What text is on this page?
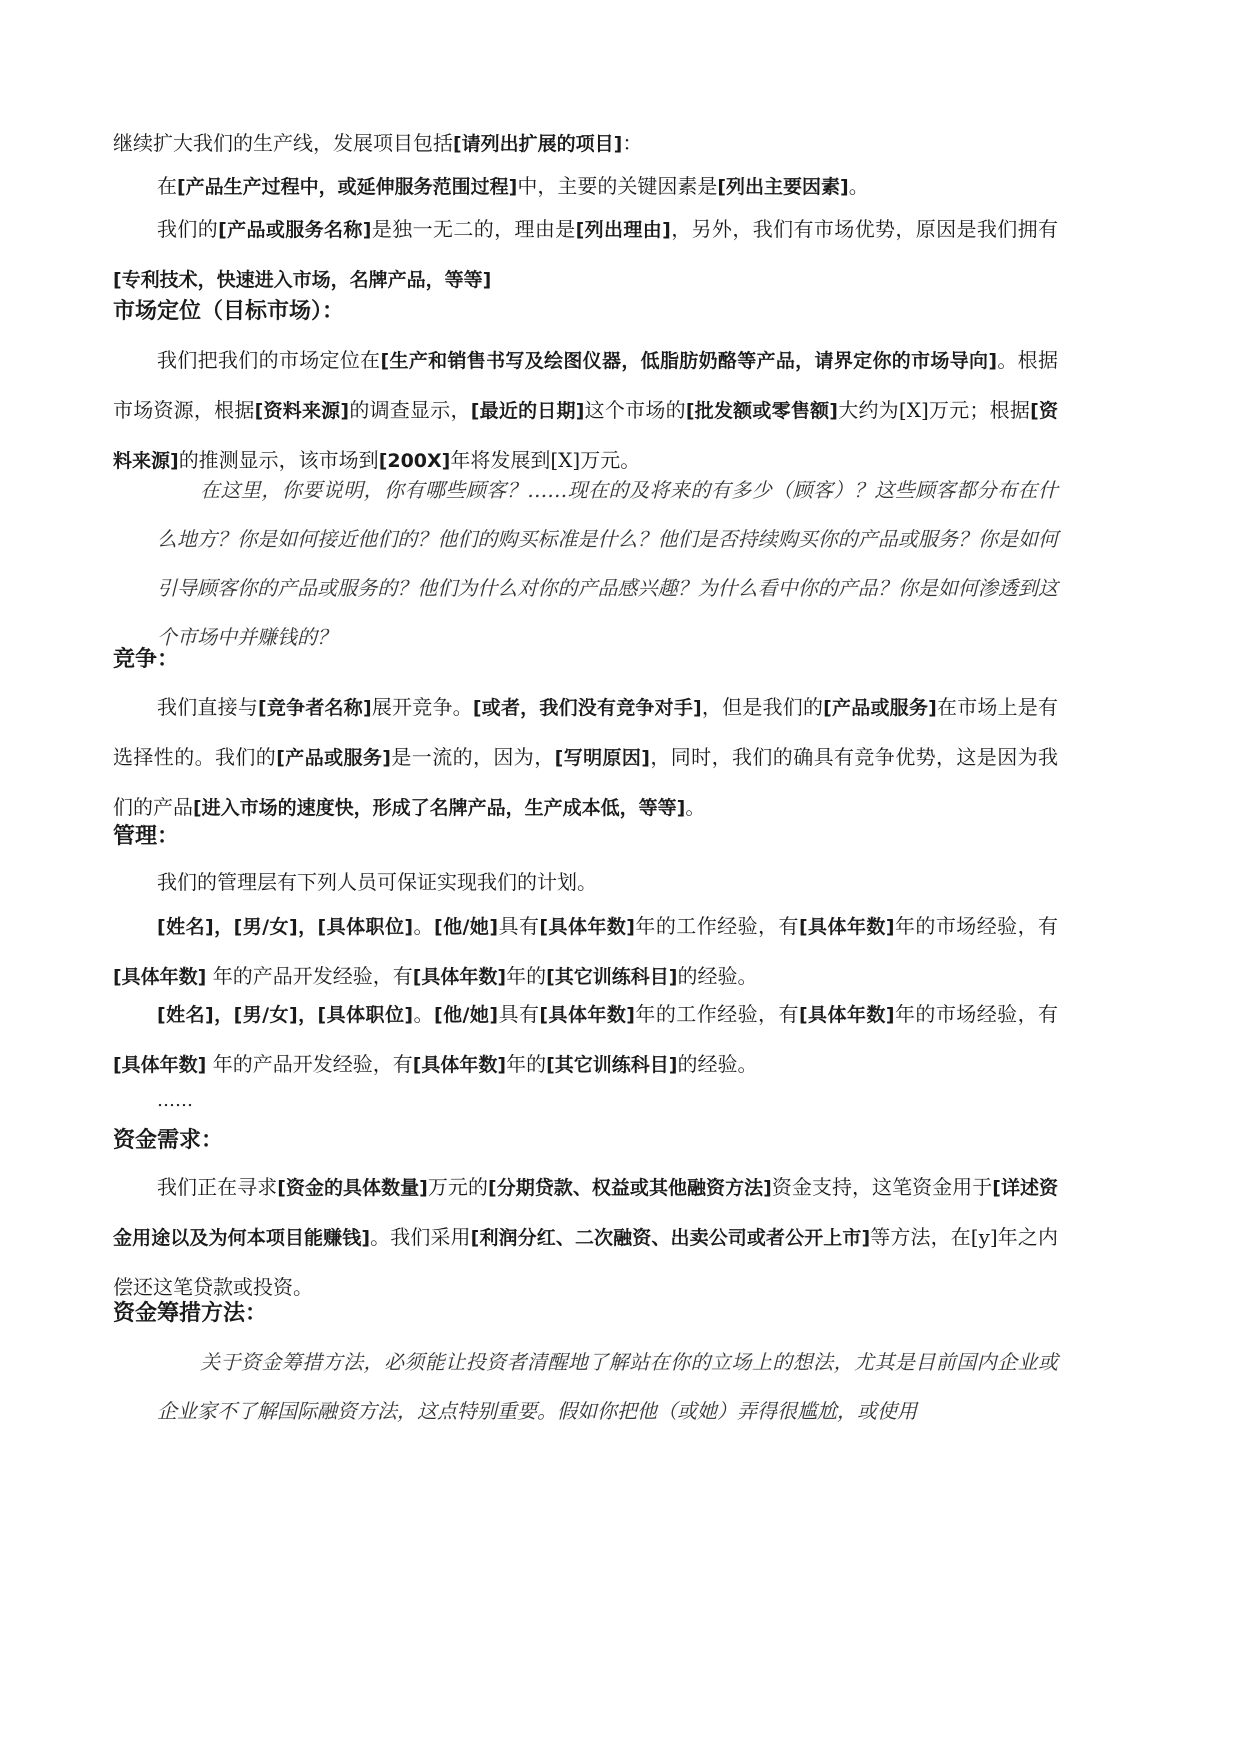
继续扩大我们的生产线，发展项目包括[请列出扩展的项目]：

在[产品生产过程中，或延伸服务范围过程]中，主要的关键因素是[列出主要因素]。

我们的[产品或服务名称]是独一无二的，理由是[列出理由]，另外，我们有市场优势，原因是我们拥有[专利技术，快速进入市场，名牌产品，等等]

市场定位（目标市场）：

我们把我们的市场定位在[生产和销售书写及绘图仪器，低脂肪奶酪等产品，请界定你的市场导向]。根据市场资源，根据[资料来源]的调查显示，[最近的日期]这个市场的[批发额或零售额]大约为[X]万元；根据[资料来源]的推测显示，该市场到[200X]年将发展到[X]万元。

在这里，你要说明，你有哪些顾客？……现在的及将来的有多少（顾客）？这些顾客都分布在什么地方？你是如何接近他们的？他们的购买标准是什么？他们是否持续购买你的产品或服务？你是如何引导顾客你的产品或服务的？他们为什么对你的产品感兴趣？为什么看中你的产品？你是如何渗透到这个市场中并赚钱的？

竞争：

我们直接与[竞争者名称]展开竞争。[或者，我们没有竞争对手]，但是我们的[产品或服务]在市场上是有选择性的。我们的[产品或服务]是一流的，因为，[写明原因]，同时，我们的确具有竞争优势，这是因为我们的产品[进入市场的速度快，形成了名牌产品，生产成本低，等等]。

管理：

我们的管理层有下列人员可保证实现我们的计划。

[姓名]，[男/女]，[具体职位]。[他/她]具有[具体年数]年的工作经验，有[具体年数]年的市场经验，有[具体年数] 年的产品开发经验，有[具体年数]年的[其它训练科目]的经验。

[姓名]，[男/女]，[具体职位]。[他/她]具有[具体年数]年的工作经验，有[具体年数]年的市场经验，有[具体年数] 年的产品开发经验，有[具体年数]年的[其它训练科目]的经验。

……

资金需求：

我们正在寻求[资金的具体数量]万元的[分期贷款、权益或其他融资方法]资金支持，这笔资金用于[详述资金用途以及为何本项目能赚钱]。我们采用[利润分红、二次融资、出卖公司或者公开上市]等方法，在[y]年之内偿还这笔贷款或投资。

资金筹措方法：

关于资金筹措方法，必须能让投资者清醒地了解站在你的立场上的想法，尤其是目前国内企业或企业家不了解国际融资方法，这点特别重要。假如你把他（或她）弄得很尴尬，或使用
